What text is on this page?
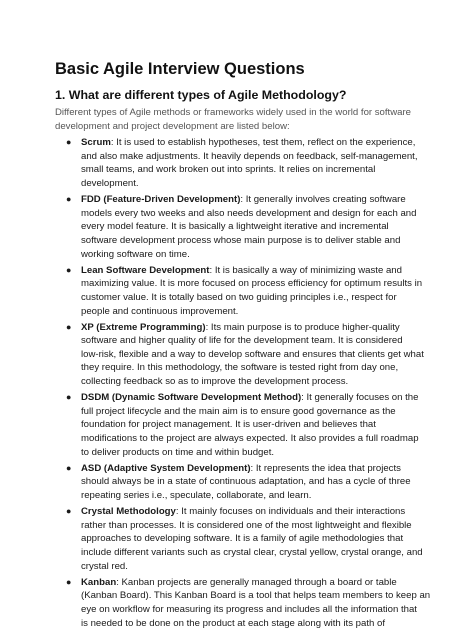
Basic Agile Interview Questions
1. What are different types of Agile Methodology?

Different types of Agile methods or frameworks widely used in the world for software
development and project development are listed below:

● Scrum: It is used to establish hypotheses, test them, reflect on the experience,
and also make adjustments. It heavily depends on feedback, self-management,
small teams, and work broken out into sprints. It relies on incremental
development.
● FDD (Feature-Driven Development): It generally involves creating software
models every two weeks and also needs development and design for each and
every model feature. It is basically a lightweight iterative and incremental
software development process whose main purpose is to deliver stable and
working software on time.
● Lean Software Development: It is basically a way of minimizing waste and
maximizing value. It is more focused on process efficiency for optimum results in
customer value. It is totally based on two guiding principles i.e., respect for
people and continuous improvement.
● XP (Extreme Programming): Its main purpose is to produce higher-quality
software and higher quality of life for the development team. It is considered
low-risk, flexible and a way to develop software and ensures that clients get what
they require. In this methodology, the software is tested right from day one,
collecting feedback so as to improve the development process.
● DSDM (Dynamic Software Development Method): It generally focuses on the
full project lifecycle and the main aim is to ensure good governance as the
foundation for project management. It is user-driven and believes that
modifications to the project are always expected. It also provides a full roadmap
to deliver products on time and within budget.
● ASD (Adaptive System Development): It represents the idea that projects
should always be in a state of continuous adaptation, and has a cycle of three
repeating series i.e., speculate, collaborate, and learn.
● Crystal Methodology: It mainly focuses on individuals and their interactions
rather than processes. It is considered one of the most lightweight and flexible
approaches to developing software. It is a family of agile methodologies that
include different variants such as crystal clear, crystal yellow, crystal orange, and
crystal red.
● Kanban: Kanban projects are generally managed through a board or table
(Kanban Board). This Kanban Board is a tool that helps team members to keep an
eye on workflow for measuring its progress and includes all the information that
is needed to be done on the product at each stage along with its path of
